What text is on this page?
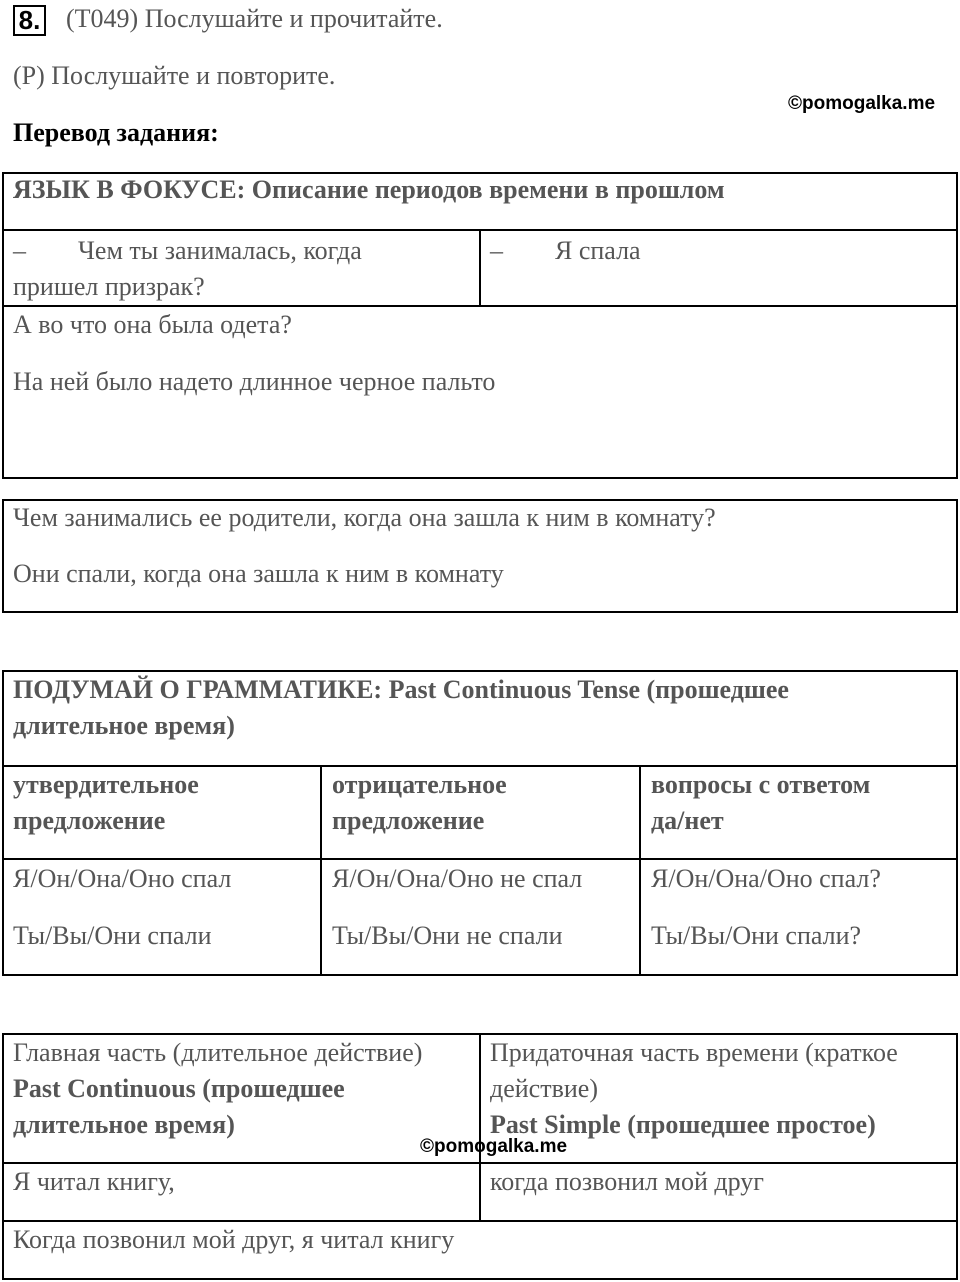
8. (T049) Послушайте и прочитайте.
(P) Послушайте и повторите.
©pomogalka.me
Перевод задания:
ЯЗЫК В ФОКУСЕ: Описание периодов времени в прошлом
– Чем ты занималась, когда
пришел призрак?
– Я спала
А во что она была одета?
На ней было надето длинное черное пальто
Чем занимались ее родители, когда она зашла к ним в комнату?
Они спали, когда она зашла к ним в комнату
ПОДУМАЙ О ГРАММАТИКЕ: Past Continuous Tense (прошедшее
длительное время)
утвердительное
предложение
отрицательное
предложение
вопросы с ответом
да/нет
Я/Он/Она/Оно спал
Ты/Вы/Они спали
Я/Он/Она/Оно не спал
Ты/Вы/Они не спали
Я/Он/Она/Оно спал?
Ты/Вы/Они спали?
Главная часть (длительное действие)
Past Continuous (прошедшее
длительное время)
Придаточная часть времени (краткое
действие)
Past Simple (прошедшее простое)
©pomogalka.me
Я читал книгу,	когда позвонил мой друг
Когда позвонил мой друг, я читал книгу
